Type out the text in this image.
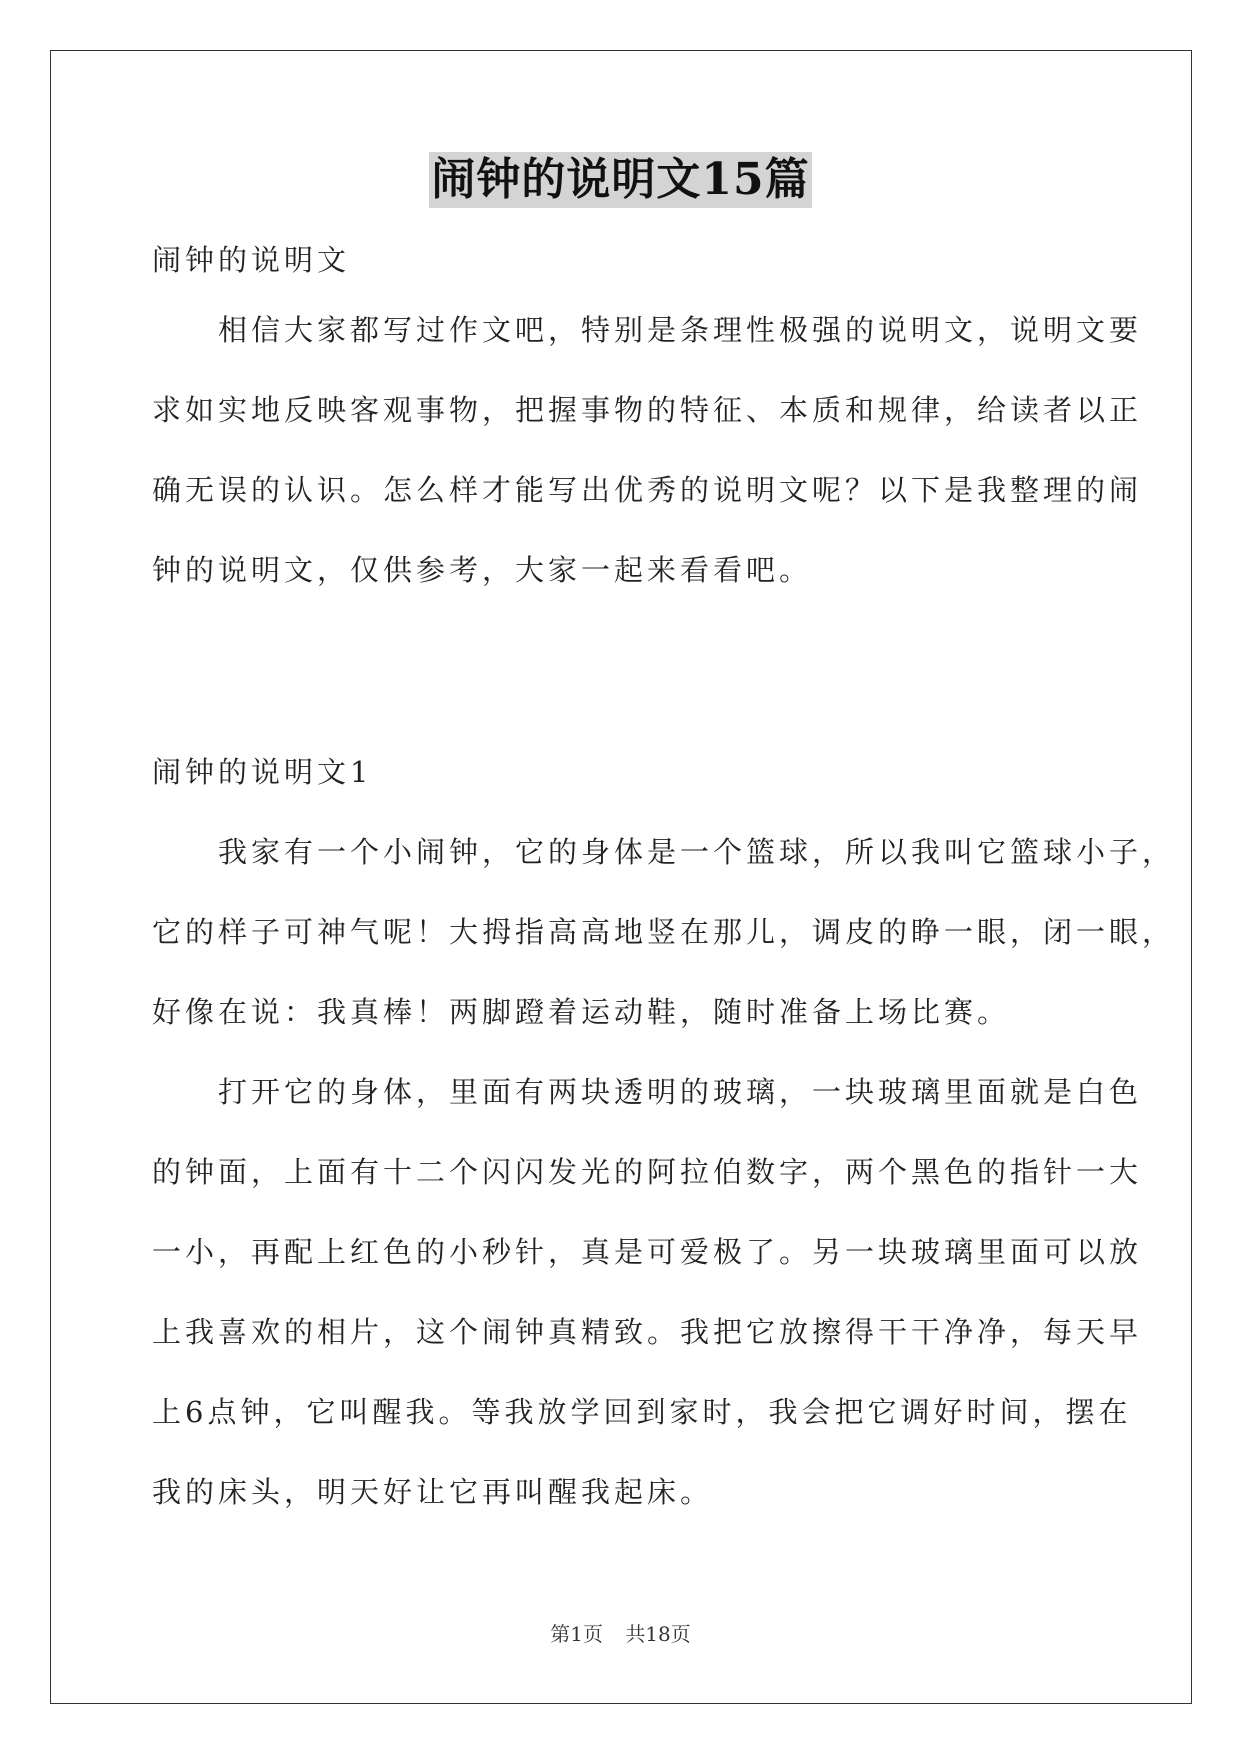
闹钟的说明文15篇

闹钟的说明文

　　相信大家都写过作文吧，特别是条理性极强的说明文，说明文要

求如实地反映客观事物，把握事物的特征、本质和规律，给读者以正

确无误的认识。怎么样才能写出优秀的说明文呢？以下是我整理的闹

钟的说明文，仅供参考，大家一起来看看吧。

闹钟的说明文1

　　我家有一个小闹钟，它的身体是一个篮球，所以我叫它篮球小子，

它的样子可神气呢！大拇指高高地竖在那儿，调皮的睁一眼，闭一眼，

好像在说：我真棒！两脚蹬着运动鞋，随时准备上场比赛。

　　打开它的身体，里面有两块透明的玻璃，一块玻璃里面就是白色

的钟面，上面有十二个闪闪发光的阿拉伯数字，两个黑色的指针一大

一小，再配上红色的小秒针，真是可爱极了。另一块玻璃里面可以放

上我喜欢的相片，这个闹钟真精致。我把它放擦得干干净净，每天早

上6点钟，它叫醒我。等我放学回到家时，我会把它调好时间，摆在

我的床头，明天好让它再叫醒我起床。

第1页 共18页
